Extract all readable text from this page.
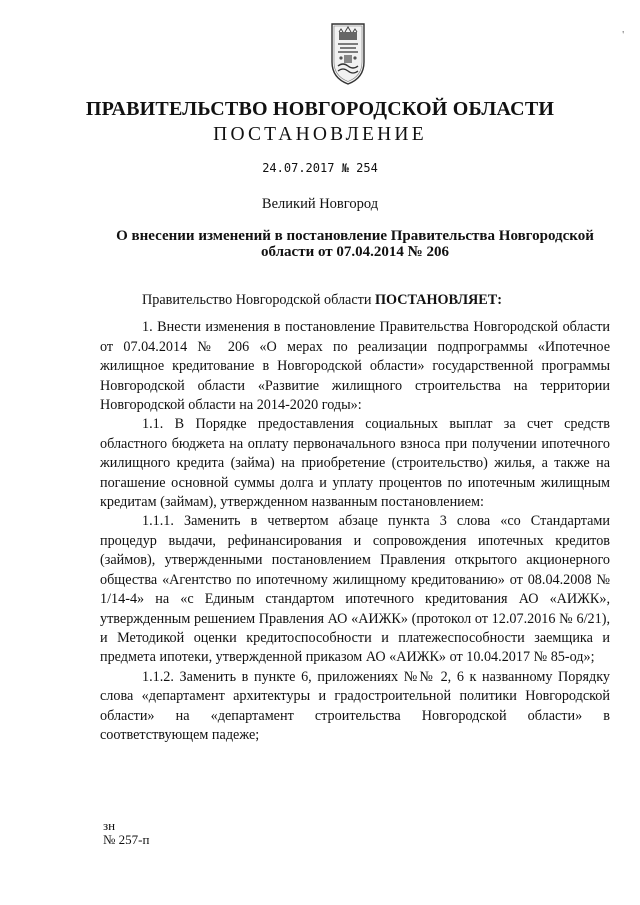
'
ПРАВИТЕЛЬСТВО НОВГОРОДСКОЙ ОБЛАСТИ
ПОСТАНОВЛЕНИЕ
24.07.2017 № 254
Великий Новгород
О внесении изменений в постановление Правительства Новгородской области от 07.04.2014 № 206

Правительство Новгородской области ПОСТАНОВЛЯЕТ:

1. Внести изменения в постановление Правительства Новгородской области от 07.04.2014 № 206 «О мерах по реализации подпрограммы «Ипотечное жилищное кредитование в Новгородской области» государственной программы Новгородской области «Развитие жилищного строительства на территории Новгородской области на 2014-2020 годы»:

1.1. В Порядке предоставления социальных выплат за счет средств областного бюджета на оплату первоначального взноса при получении ипотечного жилищного кредита (займа) на приобретение (строительство) жилья, а также на погашение основной суммы долга и уплату процентов по ипотечным жилищным кредитам (займам), утвержденном названным постановлением:

1.1.1. Заменить в четвертом абзаце пункта 3 слова «со Стандартами процедур выдачи, рефинансирования и сопровождения ипотечных кредитов (займов), утвержденными постановлением Правления открытого акционерного общества «Агентство по ипотечному жилищному кредитованию» от 08.04.2008 № 1/14-4» на «с Единым стандартом ипотечного кредитования АО «АИЖК», утвержденным решением Правления АО «АИЖК» (протокол от 12.07.2016 № 6/21), и Методикой оценки кредитоспособности и платежеспособности заемщика и предмета ипотеки, утвержденной приказом АО «АИЖК» от 10.04.2017 № 85-од»;

1.1.2. Заменить в пункте 6, приложениях №№ 2, 6 к названному Порядку слова «департамент архитектуры и градостроительной политики Новгородской области» на «департамент строительства Новгородской области» в соответствующем падеже;

зн
№ 257-п
